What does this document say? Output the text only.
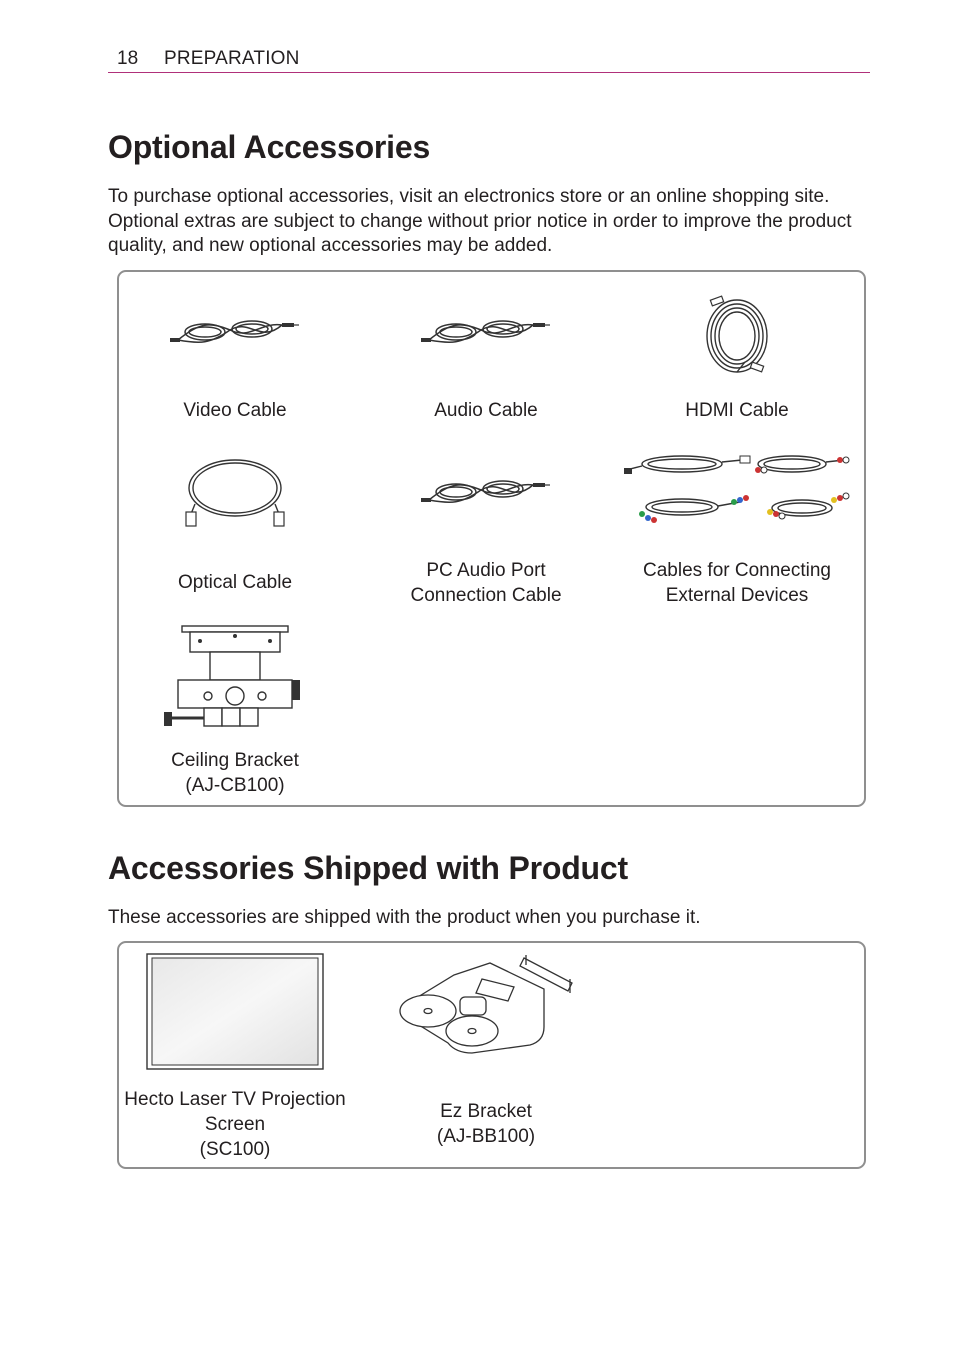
18 PREPARATION
Optional Accessories

To purchase optional accessories, visit an electronics store or an online shopping site. Optional extras are subject to change without prior notice in order to improve the product quality, and new optional accessories may be added.

Video Cable	Audio Cable	HDMI Cable
Optical Cable
PC Audio Port
Connection Cable
Cables for Connecting
External Devices
Ceiling Bracket
(AJ-CB100)
Accessories Shipped with Product

These accessories are shipped with the product when you purchase it.

Hecto Laser TV Projection
Screen
(SC100)
Ez Bracket
(AJ-BB100)
